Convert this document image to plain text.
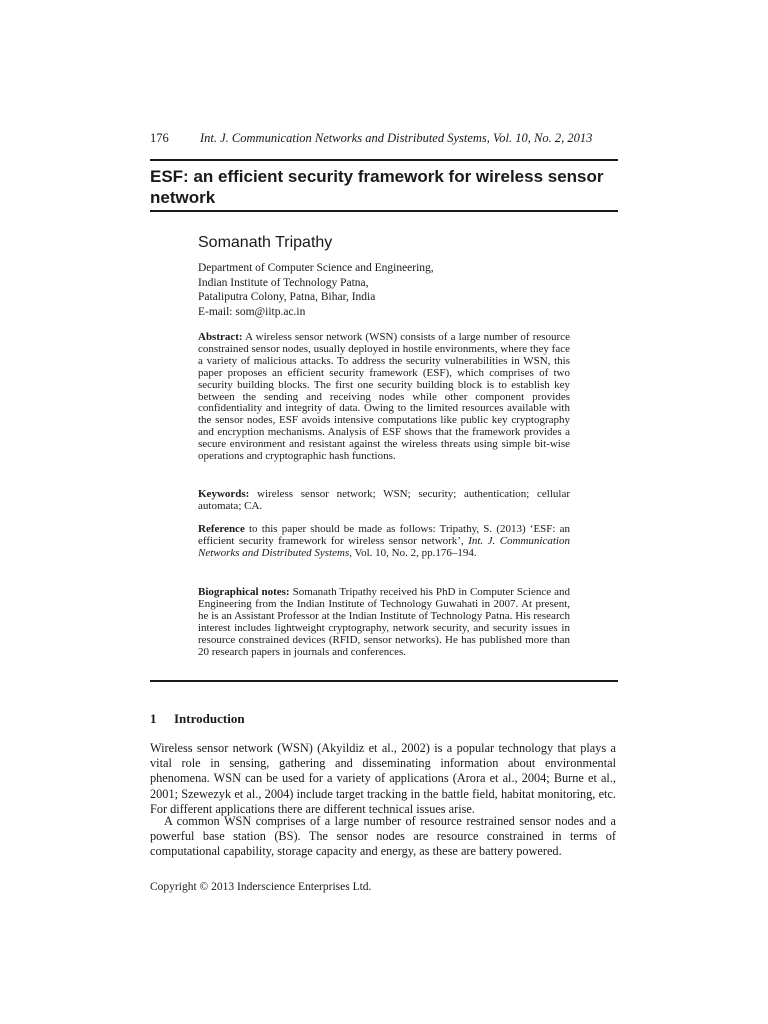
176	Int. J. Communication Networks and Distributed Systems, Vol. 10, No. 2, 2013
ESF: an efficient security framework for wireless sensor network
Somanath Tripathy
Department of Computer Science and Engineering,
Indian Institute of Technology Patna,
Pataliputra Colony, Patna, Bihar, India
E-mail: som@iitp.ac.in

Abstract: A wireless sensor network (WSN) consists of a large number of resource constrained sensor nodes, usually deployed in hostile environments, where they face a variety of malicious attacks. To address the security vulnerabilities in WSN, this paper proposes an efficient security framework (ESF), which comprises of two security building blocks. The first one security building block is to establish key between the sending and receiving nodes while other component provides confidentiality and integrity of data. Owing to the limited resources available with the sensor nodes, ESF avoids intensive computations like public key cryptography and encryption mechanisms. Analysis of ESF shows that the framework provides a secure environment and resistant against the wireless threats using simple bit-wise operations and cryptographic hash functions.

Keywords: wireless sensor network; WSN; security; authentication; cellular automata; CA.

Reference to this paper should be made as follows: Tripathy, S. (2013) ‘ESF: an efficient security framework for wireless sensor network’, Int. J. Communication Networks and Distributed Systems, Vol. 10, No. 2, pp.176–194.

Biographical notes: Somanath Tripathy received his PhD in Computer Science and Engineering from the Indian Institute of Technology Guwahati in 2007. At present, he is an Assistant Professor at the Indian Institute of Technology Patna. His research interest includes lightweight cryptography, network security, and security issues in resource constrained devices (RFID, sensor networks). He has published more than 20 research papers in journals and conferences.

1 Introduction

Wireless sensor network (WSN) (Akyildiz et al., 2002) is a popular technology that plays a vital role in sensing, gathering and disseminating information about environmental phenomena. WSN can be used for a variety of applications (Arora et al., 2004; Burne et al., 2001; Szewezyk et al., 2004) include target tracking in the battle field, habitat monitoring, etc. For different applications there are different technical issues arise.

A common WSN comprises of a large number of resource restrained sensor nodes and a powerful base station (BS). The sensor nodes are resource constrained in terms of computational capability, storage capacity and energy, as these are battery powered.

Copyright © 2013 Inderscience Enterprises Ltd.
